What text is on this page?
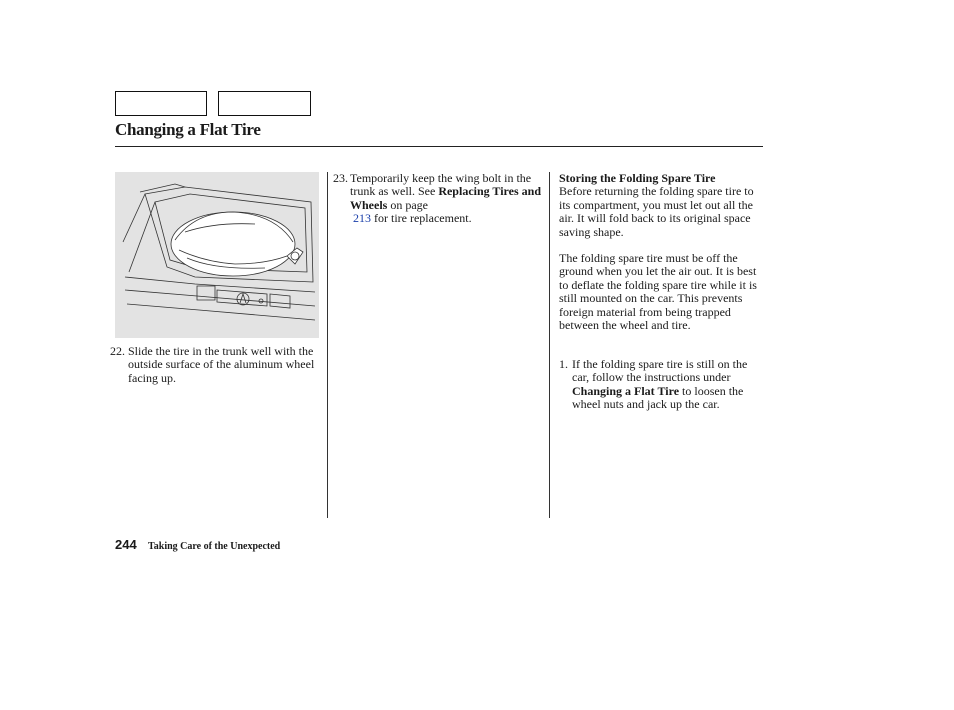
Changing a Flat Tire
22. Slide the tire in the trunk well with the outside surface of the aluminum wheel facing up.
23. Temporarily keep the wing bolt in the trunk as well. See Replacing Tires and Wheels on page
213 for tire replacement.
Storing the Folding Spare Tire
Before returning the folding spare tire to its compartment, you must let out all the air. It will fold back to its original space saving shape.
The folding spare tire must be off the ground when you let the air out. It is best to deflate the folding spare tire while it is still mounted on the car. This prevents foreign material from being trapped between the wheel and tire.
1. If the folding spare tire is still on the car, follow the instructions under Changing a Flat Tire to loosen the wheel nuts and jack up the car.
244 Taking Care of the Unexpected
